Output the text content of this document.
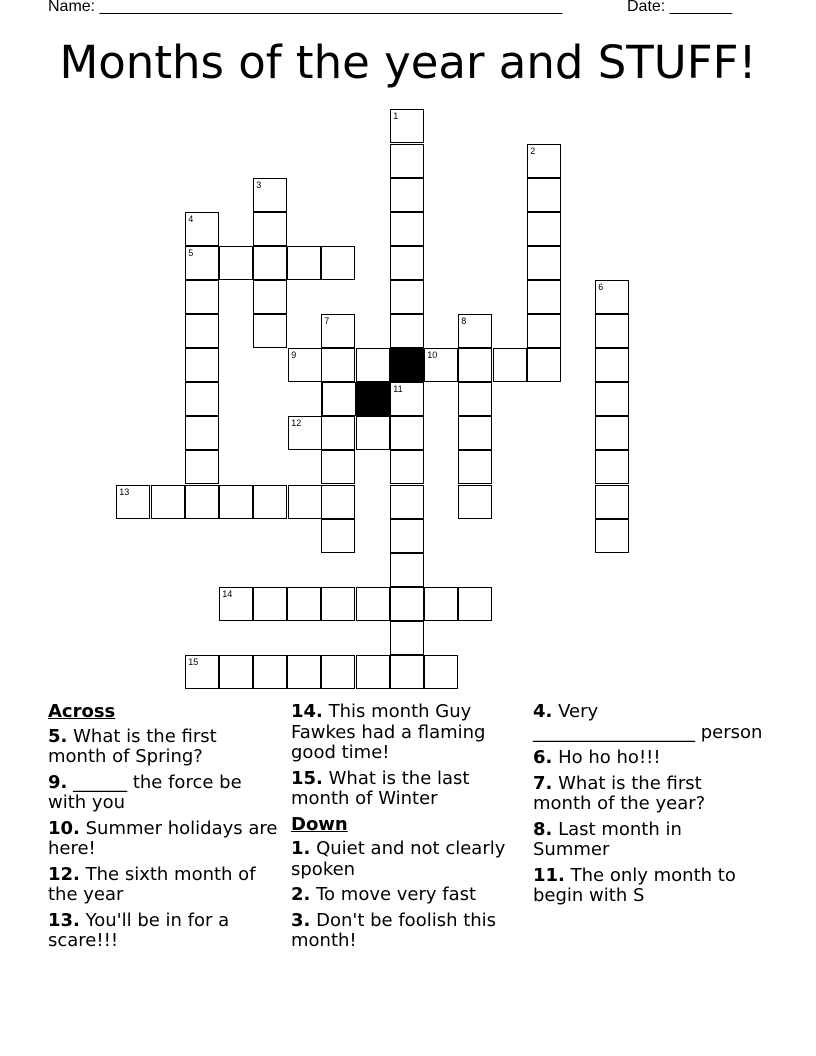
Name: ____________________________________________________	Date: _______
Months of the year and STUFF!
1
11
2
3
4
5
6
7	8
9	10
12
13
14
15
Across
5. What is the first month of Spring?
9. ______ the force be with you
10. Summer holidays are here!
12. The sixth month of the year
13. You'll be in for a scare!!!
14. This month Guy Fawkes had a flaming good time!
15. What is the last month of Winter
Down
1. Quiet and not clearly spoken
2. To move very fast
3. Don't be foolish this month!
4. Very __________________ person
6. Ho ho ho!!!
7. What is the first month of the year?
8. Last month in Summer
11. The only month to begin with S
